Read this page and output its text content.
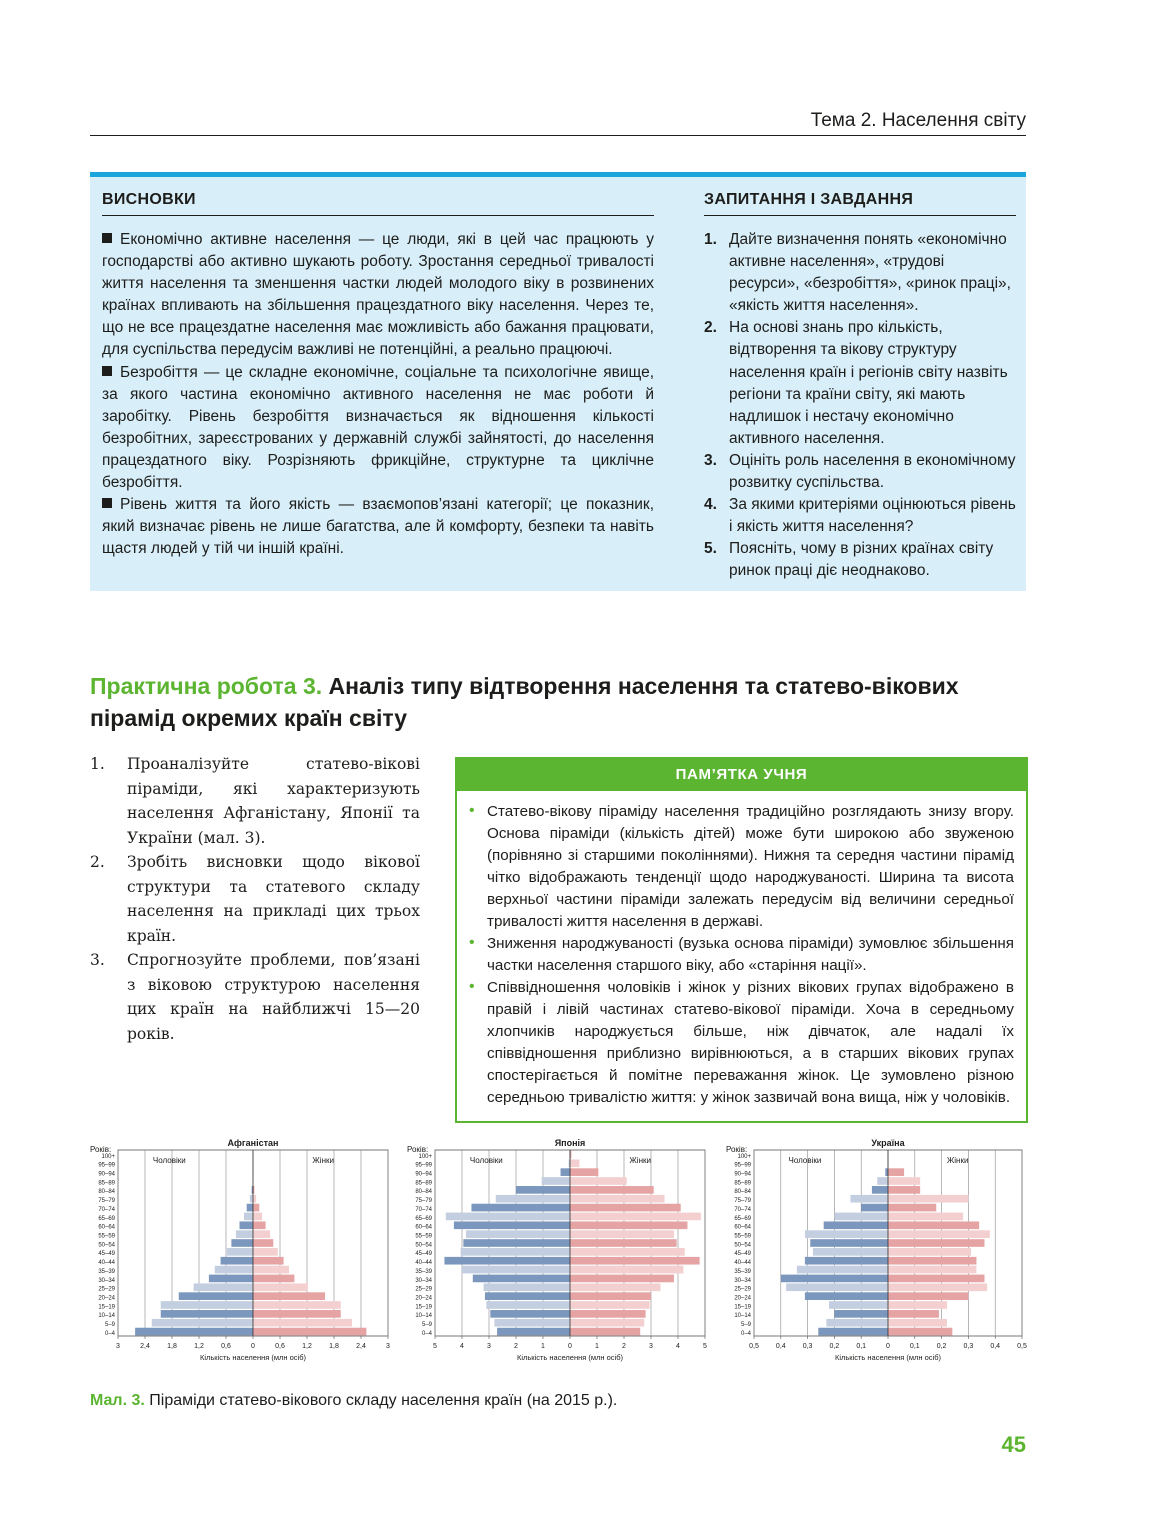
Тема 2. Населення світу
ВИСНОВКИ

Економічно активне населення — це люди, які в цей час працюють у господарстві або активно шукають роботу. Зростання середньої тривалості життя населення та зменшення частки людей молодого віку в розвинених країнах впливають на збільшення працездатного віку населення. Через те, що не все працездатне населення має можливість або бажання працювати, для суспільства передусім важливі не потенційні, а реально працюючі.

Безробіття — це складне економічне, соціальне та психологічне явище, за якого частина економічно активного населення не має роботи й заробітку. Рівень безробіття визначається як відношення кількості безробітних, зареєстрованих у державній службі зайнятості, до населення працездатного віку. Розрізняють фрикційне, структурне та циклічне безробіття.

Рівень життя та його якість — взаємопов’язані категорії; це показник, який визначає рівень не лише багатства, але й комфорту, безпеки та навіть щастя людей у тій чи іншій країні.

ЗАПИТАННЯ І ЗАВДАННЯ
1. Дайте визначення понять «економічно активне населення», «трудові ресурси», «безробіття», «ринок праці», «якість життя населення».
2. На основі знань про кількість, відтворення та вікову структуру населення країн і регіонів світу назвіть регіони та країни світу, які мають надлишок і нестачу економічно активного населення.
3. Оцініть роль населення в економічному розвитку суспільства.
4. За якими критеріями оцінюються рівень і якість життя населення?
5. Поясніть, чому в різних країнах світу ринок праці діє неоднаково.
Практична робота 3. Аналіз типу відтворення населення та статево-вікових пірамід окремих країн світу
1. Проаналізуйте статево-вікові піраміди, які характеризують населення Афганістану, Японії та України (мал. 3).
2. Зробіть висновки щодо вікової структури та статевого складу населення на прикладі цих трьох країн.
3. Спрогнозуйте проблеми, пов’язані з віковою структурою населення цих країн на найближчі 15—20 років.
ПАМ’ЯТКА УЧНЯ
• Статево-вікову піраміду населення традиційно розглядають знизу вгору. Основа піраміди (кількість дітей) може бути широкою або звуженою (порівняно зі старшими поколіннями). Нижня та середня частини пірамід чітко відображають тенденції щодо народжуваності. Ширина та висота верхньої частини піраміди залежать передусім від величини середньої тривалості життя населення в державі.
• Зниження народжуваності (вузька основа піраміди) зумовлює збільшення частки населення старшого віку, або «старіння нації».
• Співвідношення чоловіків і жінок у різних вікових групах відображено в правій і лівій частинах статево-вікової піраміди. Хоча в середньому хлопчиків народжується більше, ніж дівчаток, але надалі їх співвідношення приблизно вирівнюються, а в старших вікових групах спостерігається й помітне переважання жінок. Це зумовлено різною середньою тривалістю життя: у жінок зазвичай вона вища, ніж у чоловіків.
Афганістан
Років:
3	2,4 1,8 1,2 0,6	0	0,6 1,2 1,8 2,4	3
0–4
5–9
10–14
15–19
20–24
25–29
30–34
35–39
40–44
45–49
50–54
55–59
60–64
65–69
70–74
75–79
80–84
85–89
90–94
95–99
100+	Чоловіки	Жінки
Кількість населення (млн осіб)
Японія
Років:
5	4	3	2	1	0	1	2	3	4	5
0–4
5–9
10–14
15–19
20–24
25–29
30–34
35–39
40–44
45–49
50–54
55–59
60–64
65–69
70–74
75–79
80–84
85–89
90–94
95–99
100+	Чоловіки	Жінки
Кількість населення (млн осіб)
Україна
Років:
0,5 0,4 0,3 0,2 0,1	0	0,1 0,2 0,3 0,4 0,5
0–4
5–9
10–14
15–19
20–24
25–29
30–34
35–39
40–44
45–49
50–54
55–59
60–64
65–69
70–74
75–79
80–84
85–89
90–94
95–99
100+	Чоловіки	Жінки
Кількість населення (млн осіб)
Мал. 3. Піраміди статево-вікового складу населення країн (на 2015 р.).
45
